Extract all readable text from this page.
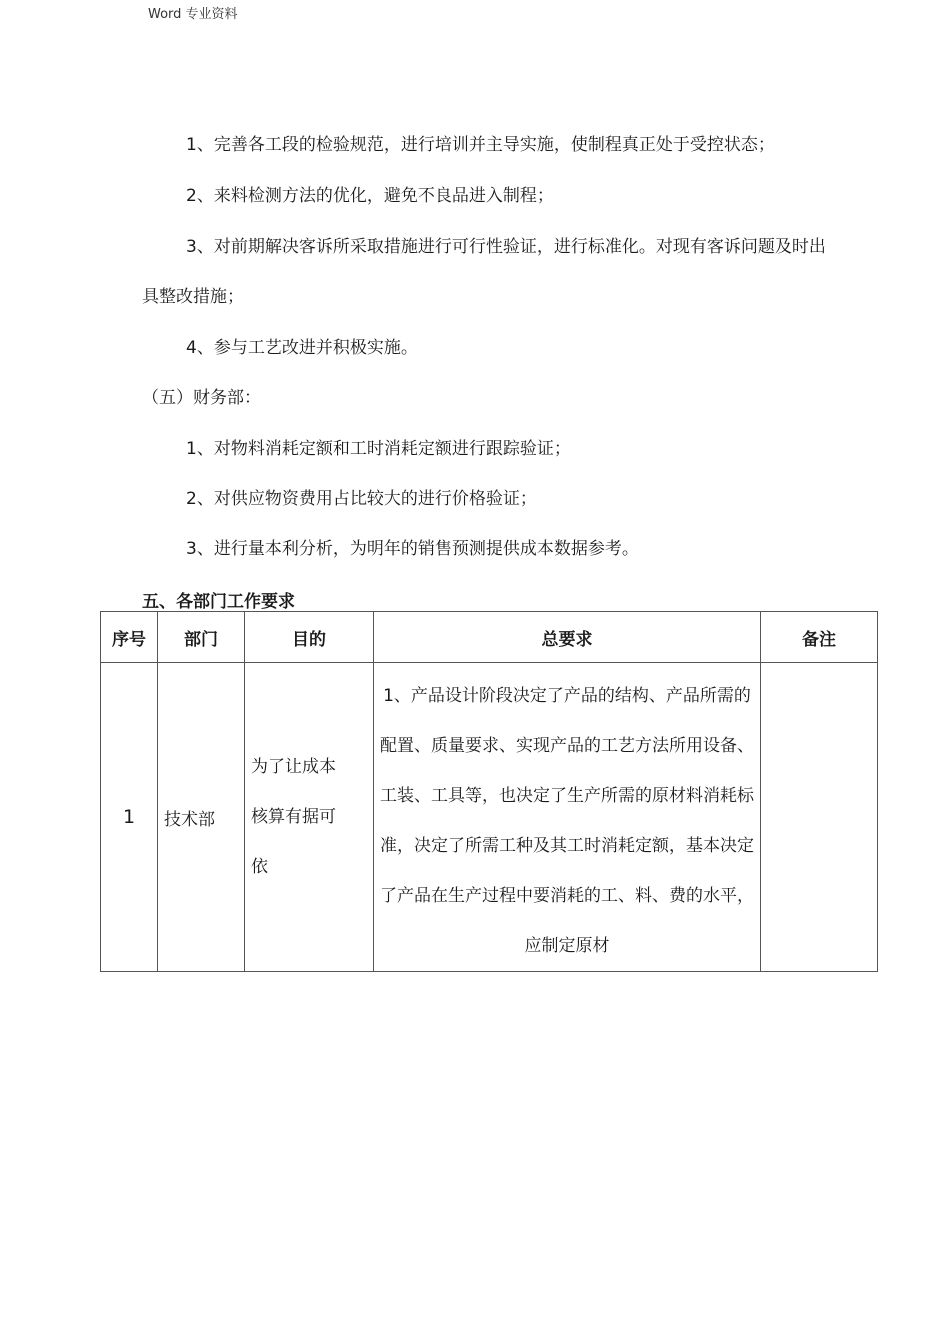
Word 专业资料
1、完善各工段的检验规范，进行培训并主导实施，使制程真正处于受控状态；
2、来料检测方法的优化，避免不良品进入制程；
3、对前期解决客诉所采取措施进行可行性验证，进行标准化。对现有客诉问题及时出
具整改措施；
4、参与工艺改进并积极实施。
（五）财务部：
1、对物料消耗定额和工时消耗定额进行跟踪验证；
2、对供应物资费用占比较大的进行价格验证；
3、进行量本利分析，为明年的销售预测提供成本数据参考。
五、各部门工作要求
序号	部门	目的	总要求	备注
1	技术部	为了让成本核算有据可依	1、产品设计阶段决定了产品的结构、产品所需的配置、质量要求、实现产品的工艺方法所用设备、工装、工具等，也决定了生产所需的原材料消耗标准，决定了所需工种及其工时消耗定额，基本决定了产品在生产过程中要消耗的工、料、费的水平，应制定原材	
